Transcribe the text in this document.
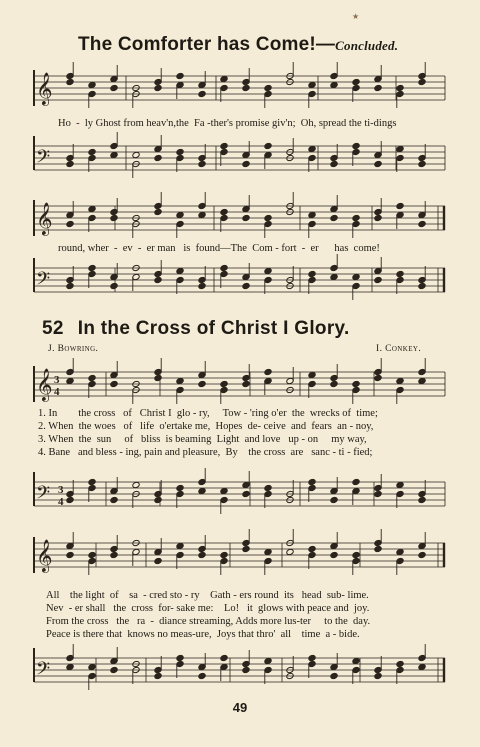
★
The Comforter has Come!—Concluded.
𝄞
Ho  -  ly Ghost from heav'n,the  Fa -ther's promise giv'n;  Oh, spread the ti-dings
𝄢
𝄞
round, wher  -  ev  -  er man   is  found—The  Com - fort  -  er      has  come!
𝄢
52 In the Cross of Christ I Glory.
J. Bowring.	I. Conkey.
𝄞 3
4
1. In        the cross   of   Christ I  glo - ry,     Tow - 'ring o'er  the  wrecks of  time;
2. When  the woes   of   life  o'ertake me,  Hopes  de- ceive  and  fears  an - noy,
3. When  the  sun     of   bliss  is beaming  Light  and love   up - on     my way,
4. Bane   and bless - ing, pain and pleasure,  By    the cross  are   sanc - ti - fied;
𝄢 3
4
𝄞
All    the light  of    sa  - cred sto - ry    Gath - ers round  its   head  sub- lime.
Nev  - er shall   the  cross  for- sake me:    Lo!   it  glows with peace and  joy.
From the cross   the   ra  -  diance streaming, Adds more lus-ter     to the  day.
Peace is there that  knows no meas-ure,  Joys that thro'  all    time  a - bide.
𝄢
49
